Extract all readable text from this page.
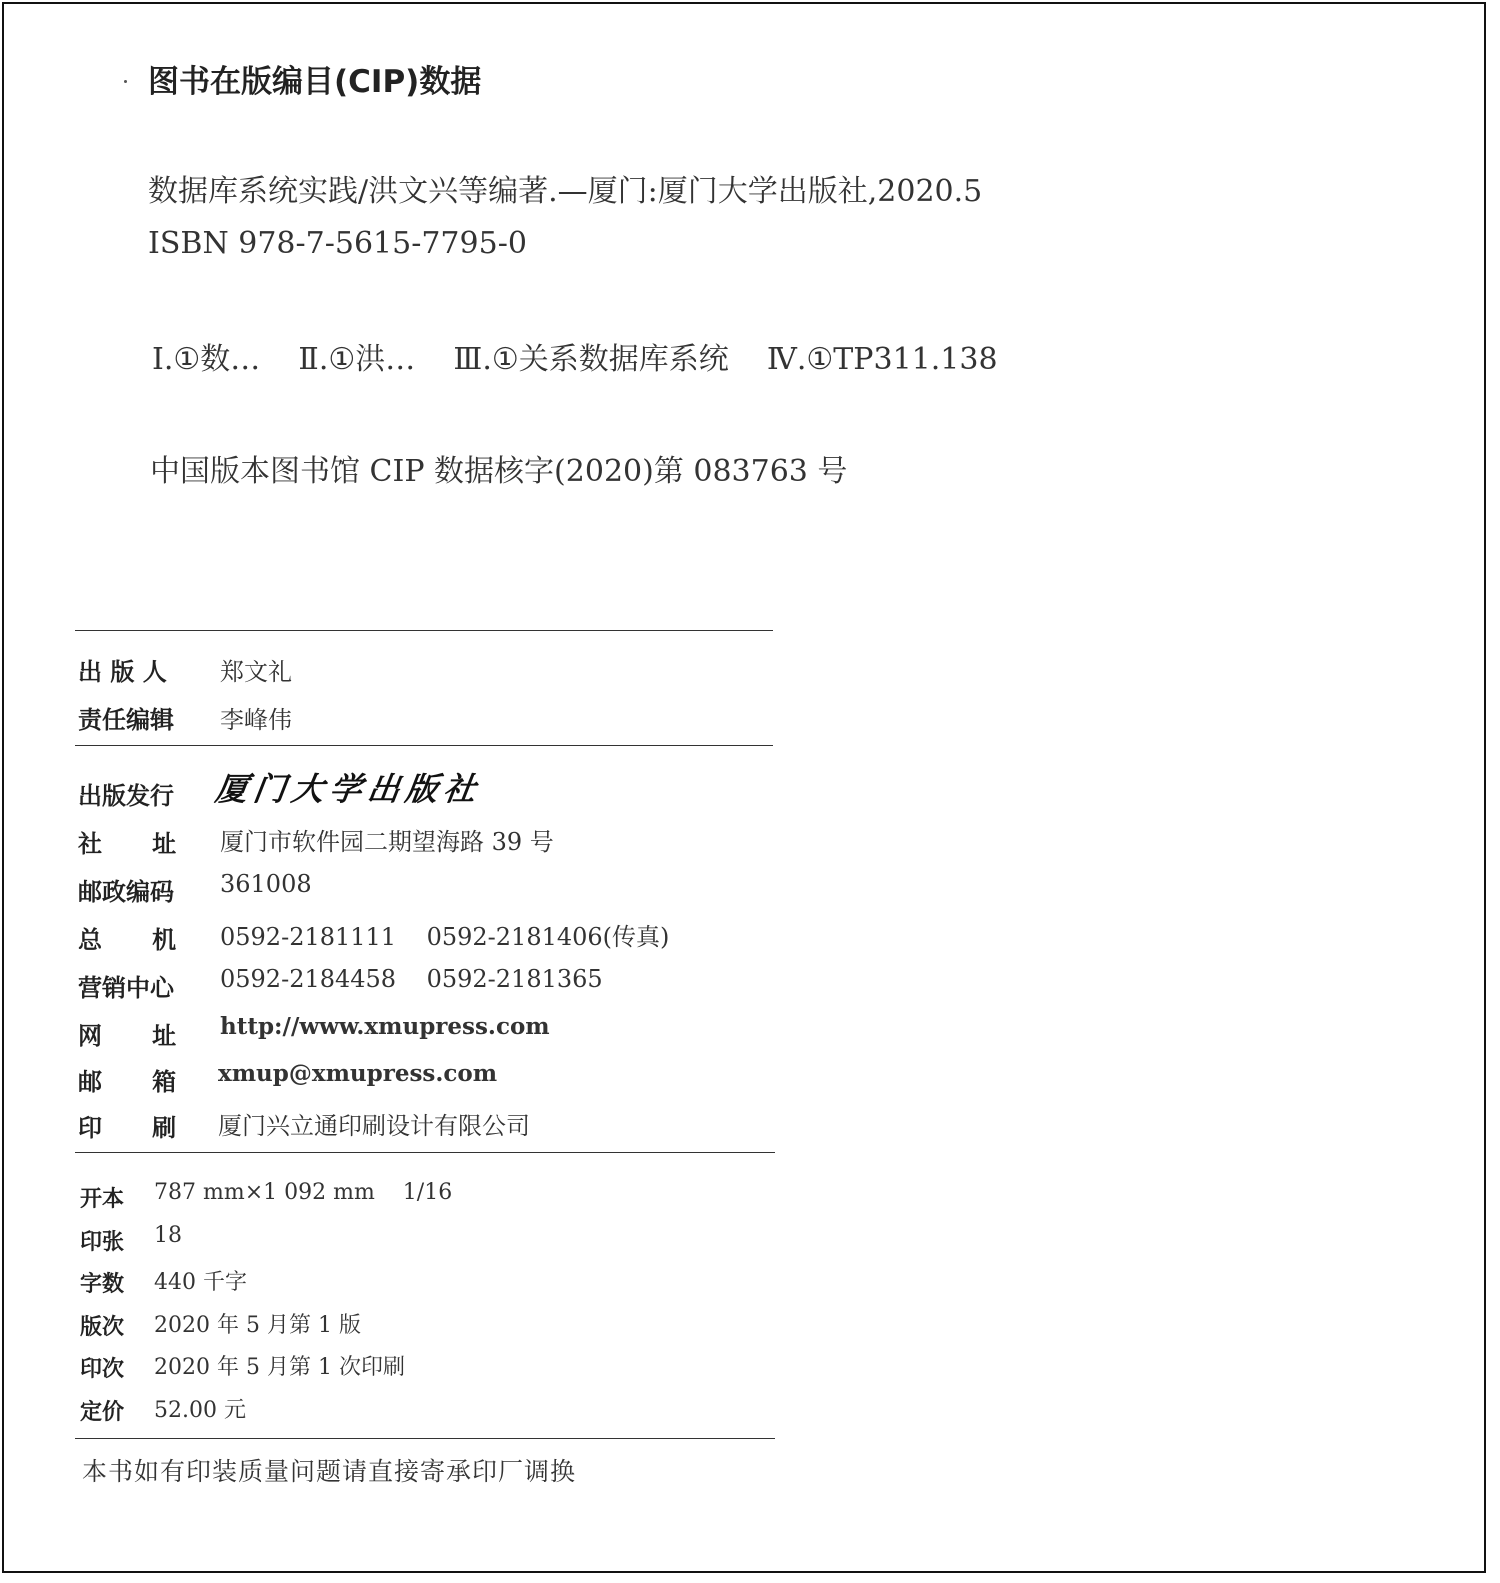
图书在版编目(CIP)数据
数据库系统实践/洪文兴等编著.—厦门:厦门大学出版社,2020.5
ISBN 978-7-5615-7795-0
Ⅰ.①数…    Ⅱ.①洪…    Ⅲ.①关系数据库系统    Ⅳ.①TP311.138
中国版本图书馆 CIP 数据核字(2020)第 083763 号
出 版 人 郑文礼
责任编辑 李峰伟
出版发行 厦门大学出版社
社      址 厦门市软件园二期望海路 39 号
邮政编码 361008
总      机 0592-2181111    0592-2181406(传真)
营销中心 0592-2184458    0592-2181365
网      址 http://www.xmupress.com
邮      箱 xmup@xmupress.com
印      刷 厦门兴立通印刷设计有限公司
开本 787 mm×1 092 mm    1/16
印张 18
字数 440 千字
版次 2020 年 5 月第 1 版
印次 2020 年 5 月第 1 次印刷
定价 52.00 元
本书如有印装质量问题请直接寄承印厂调换
